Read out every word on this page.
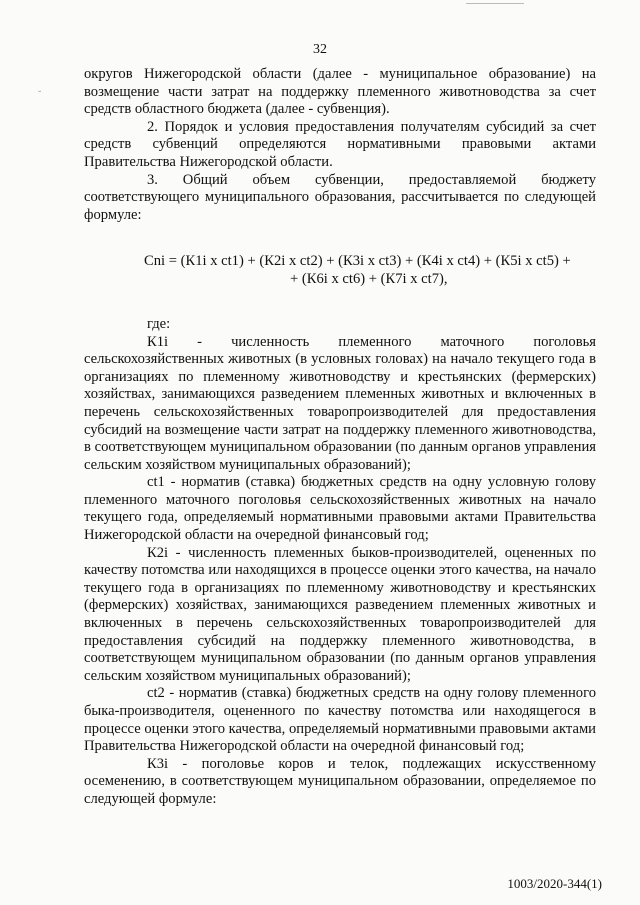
˘
32

округов Нижегородской области (далее - муниципальное образование) на возмещение части затрат на поддержку племенного животноводства за счет средств областного бюджета (далее - субвенция).

2. Порядок и условия предоставления получателям субсидий за счет средств субвенций определяются нормативными правовыми актами Правительства Нижегородской области.

3. Общий объем субвенции, предоставляемой бюджету соответствующего муниципального образования, рассчитывается по следующей формуле:

Cni = (К1i x ct1) + (К2i x ct2) + (К3i x ct3) + (К4i x ct4) + (К5i x ct5) +
+ (К6i x ct6) + (К7i x ct7),

где:

К1i - численность племенного маточного поголовья сельскохозяйственных животных (в условных головах) на начало текущего года в организациях по племенному животноводству и крестьянских (фермерских) хозяйствах, занимающихся разведением племенных животных и включенных в перечень сельскохозяйственных товаропроизводителей для предоставления субсидий на возмещение части затрат на поддержку племенного животноводства, в соответствующем муниципальном образовании (по данным органов управления сельским хозяйством муниципальных образований);

ct1 - норматив (ставка) бюджетных средств на одну условную голову племенного маточного поголовья сельскохозяйственных животных на начало текущего года, определяемый нормативными правовыми актами Правительства Нижегородской области на очередной финансовый год;

К2i - численность племенных быков-производителей, оцененных по качеству потомства или находящихся в процессе оценки этого качества, на начало текущего года в организациях по племенному животноводству и крестьянских (фермерских) хозяйствах, занимающихся разведением племенных животных и включенных в перечень сельскохозяйственных товаропроизводителей для предоставления субсидий на поддержку племенного животноводства, в соответствующем муниципальном образовании (по данным органов управления сельским хозяйством муниципальных образований);

ct2 - норматив (ставка) бюджетных средств на одну голову племенного быка-производителя, оцененного по качеству потомства или находящегося в процессе оценки этого качества, определяемый нормативными правовыми актами Правительства Нижегородской области на очередной финансовый год;

К3i - поголовье коров и телок, подлежащих искусственному осеменению, в соответствующем муниципальном образовании, определяемое по следующей формуле:

1003/2020-344(1)
